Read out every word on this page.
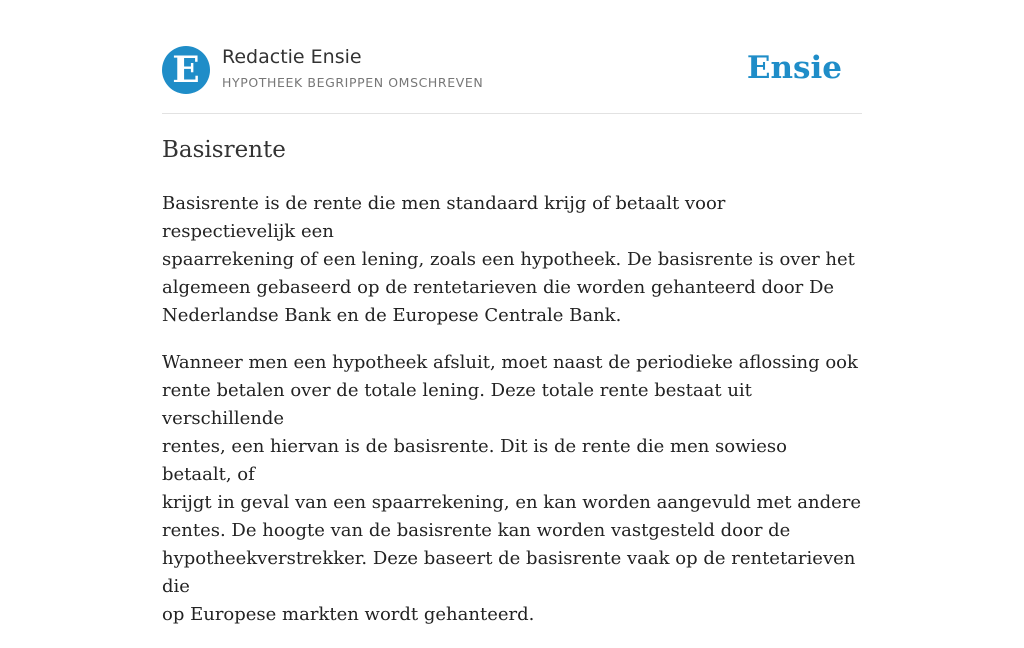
E	Redactie Ensie
HYPOTHEEK BEGRIPPEN OMSCHREVEN	Ensie
Basisrente

Basisrente is de rente die men standaard krijg of betaalt voor respectievelijk een
spaarrekening of een lening, zoals een hypotheek. De basisrente is over het
algemeen gebaseerd op de rentetarieven die worden gehanteerd door De
Nederlandse Bank en de Europese Centrale Bank.

Wanneer men een hypotheek afsluit, moet naast de periodieke aflossing ook
rente betalen over de totale lening. Deze totale rente bestaat uit verschillende
rentes, een hiervan is de basisrente. Dit is de rente die men sowieso betaalt, of
krijgt in geval van een spaarrekening, en kan worden aangevuld met andere
rentes. De hoogte van de basisrente kan worden vastgesteld door de
hypotheekverstrekker. Deze baseert de basisrente vaak op de rentetarieven die
op Europese markten wordt gehanteerd.
